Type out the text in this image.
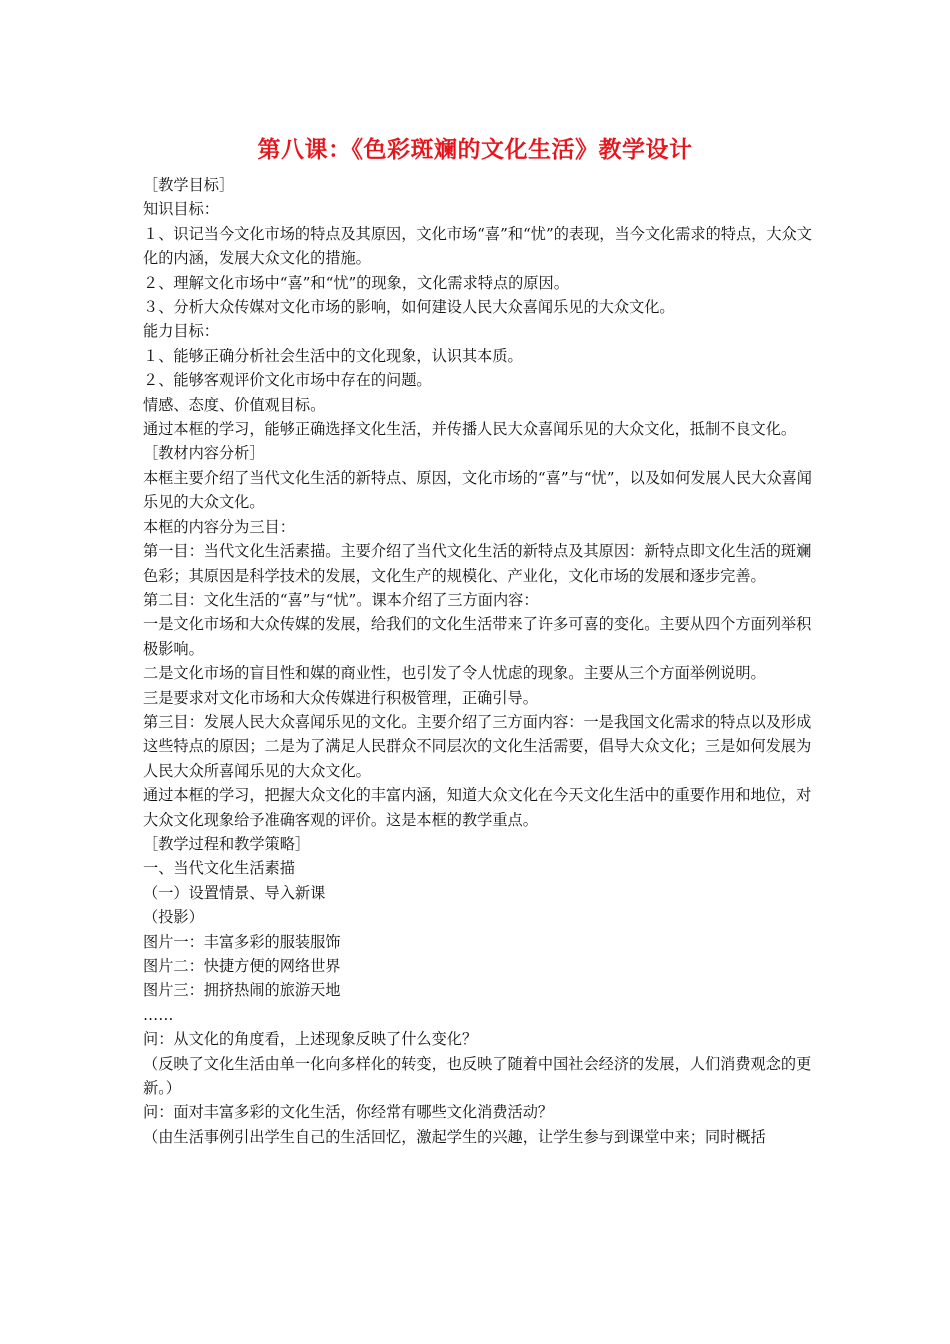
第八课：《色彩斑斓的文化生活》教学设计

［教学目标］

知识目标：

１、识记当今文化市场的特点及其原因，文化市场“喜”和“忧”的表现，当今文化需求的特点，大众文化的内涵，发展大众文化的措施。

２、理解文化市场中“喜”和“忧”的现象，文化需求特点的原因。

３、分析大众传媒对文化市场的影响，如何建设人民大众喜闻乐见的大众文化。

能力目标：

１、能够正确分析社会生活中的文化现象，认识其本质。

２、能够客观评价文化市场中存在的问题。

情感、态度、价值观目标。

通过本框的学习，能够正确选择文化生活，并传播人民大众喜闻乐见的大众文化，抵制不良文化。

［教材内容分析］

本框主要介绍了当代文化生活的新特点、原因，文化市场的“喜”与“忧”，以及如何发展人民大众喜闻乐见的大众文化。

本框的内容分为三目：

第一目：当代文化生活素描。主要介绍了当代文化生活的新特点及其原因：新特点即文化生活的斑斓色彩；其原因是科学技术的发展，文化生产的规模化、产业化，文化市场的发展和逐步完善。

第二目：文化生活的“喜”与“忧”。课本介绍了三方面内容：

一是文化市场和大众传媒的发展，给我们的文化生活带来了许多可喜的变化。主要从四个方面列举积极影响。

二是文化市场的盲目性和媒的商业性，也引发了令人忧虑的现象。主要从三个方面举例说明。

三是要求对文化市场和大众传媒进行积极管理，正确引导。

第三目：发展人民大众喜闻乐见的文化。主要介绍了三方面内容：一是我国文化需求的特点以及形成这些特点的原因；二是为了满足人民群众不同层次的文化生活需要，倡导大众文化；三是如何发展为人民大众所喜闻乐见的大众文化。

通过本框的学习，把握大众文化的丰富内涵，知道大众文化在今天文化生活中的重要作用和地位，对大众文化现象给予准确客观的评价。这是本框的教学重点。

［教学过程和教学策略］

一、当代文化生活素描

（一）设置情景、导入新课

（投影）

图片一：丰富多彩的服装服饰

图片二：快捷方便的网络世界

图片三：拥挤热闹的旅游天地

……

问：从文化的角度看，上述现象反映了什么变化？

（反映了文化生活由单一化向多样化的转变，也反映了随着中国社会经济的发展，人们消费观念的更新。）

问：面对丰富多彩的文化生活，你经常有哪些文化消费活动？

（由生活事例引出学生自己的生活回忆，激起学生的兴趣，让学生参与到课堂中来；同时概括
